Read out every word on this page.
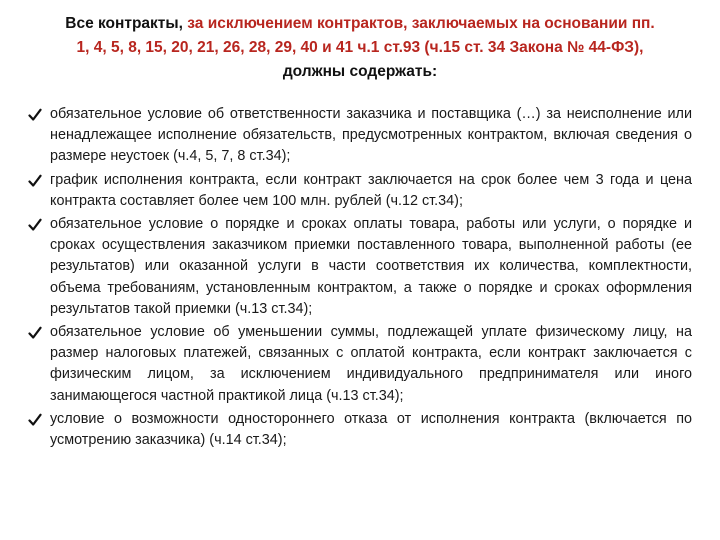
Все контракты, за исключением контрактов, заключаемых на основании пп. 1, 4, 5, 8, 15, 20, 21, 26, 28, 29, 40 и 41 ч.1 ст.93 (ч.15 ст. 34 Закона № 44-ФЗ), должны содержать:
обязательное условие об ответственности заказчика и поставщика (…) за неисполнение или ненадлежащее исполнение обязательств, предусмотренных контрактом, включая сведения о размере неустоек (ч.4, 5, 7, 8 ст.34);
график исполнения контракта, если контракт заключается на срок более чем 3 года и цена контракта составляет более чем 100 млн. рублей (ч.12 ст.34);
обязательное условие о порядке и сроках оплаты товара, работы или услуги, о порядке и сроках осуществления заказчиком приемки поставленного товара, выполненной работы (ее результатов) или оказанной услуги в части соответствия их количества, комплектности, объема требованиям, установленным контрактом, а также о порядке и сроках оформления результатов такой приемки (ч.13 ст.34);
обязательное условие об уменьшении суммы, подлежащей уплате физическому лицу, на размер налоговых платежей, связанных с оплатой контракта, если контракт заключается с физическим лицом, за исключением индивидуального предпринимателя или иного занимающегося частной практикой лица (ч.13 ст.34);
условие о возможности одностороннего отказа от исполнения контракта (включается по усмотрению заказчика) (ч.14 ст.34);
